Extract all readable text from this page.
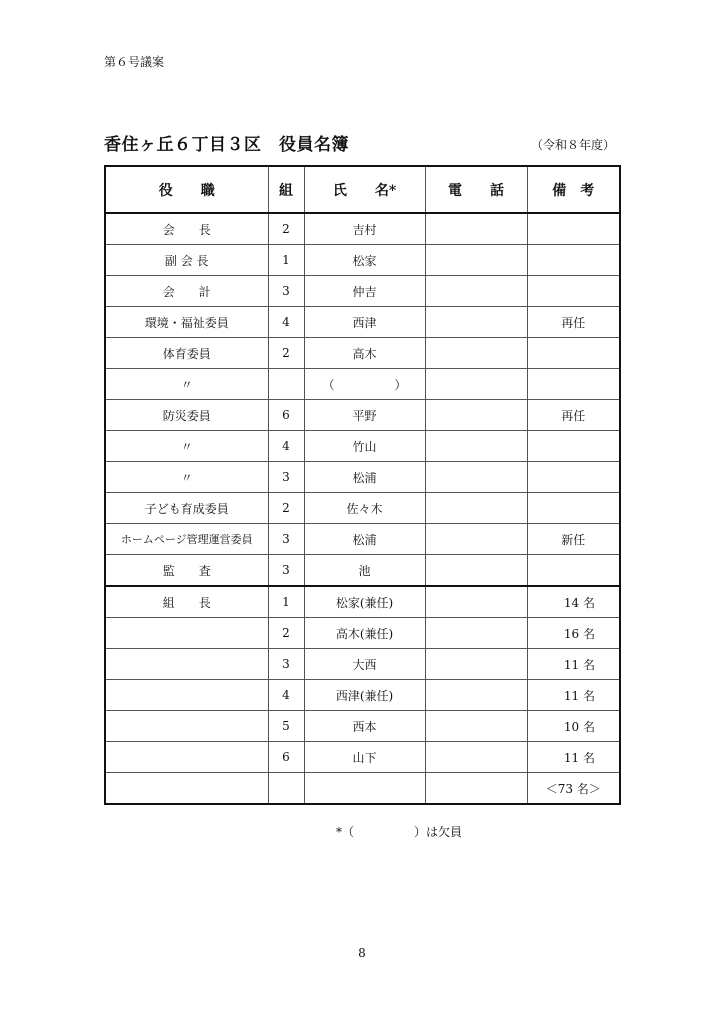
第６号議案
香住ヶ丘６丁目３区　役員名簿	（令和８年度）
役　　職	組	氏　　名*	電　　話	備　考
会　　長	2	吉村		
副 会 長	1	松家		
会　　計	3	仲吉		
環境・福祉委員	4	西津		再任
体育委員	2	高木		
〃		（　　　　　）		
防災委員	6	平野		再任
〃	4	竹山		
〃	3	松浦		
子ども育成委員	2	佐々木		
ホームページ管理運営委員	3	松浦		新任
監　　査	3	池		
組　　長	1	松家(兼任)		14 名
	2	高木(兼任)		16 名
	3	大西		11 名
	4	西津(兼任)		11 名
	5	西本		10 名
	6	山下		11 名
				＜73 名＞
*（　　　　　）は欠員
8
